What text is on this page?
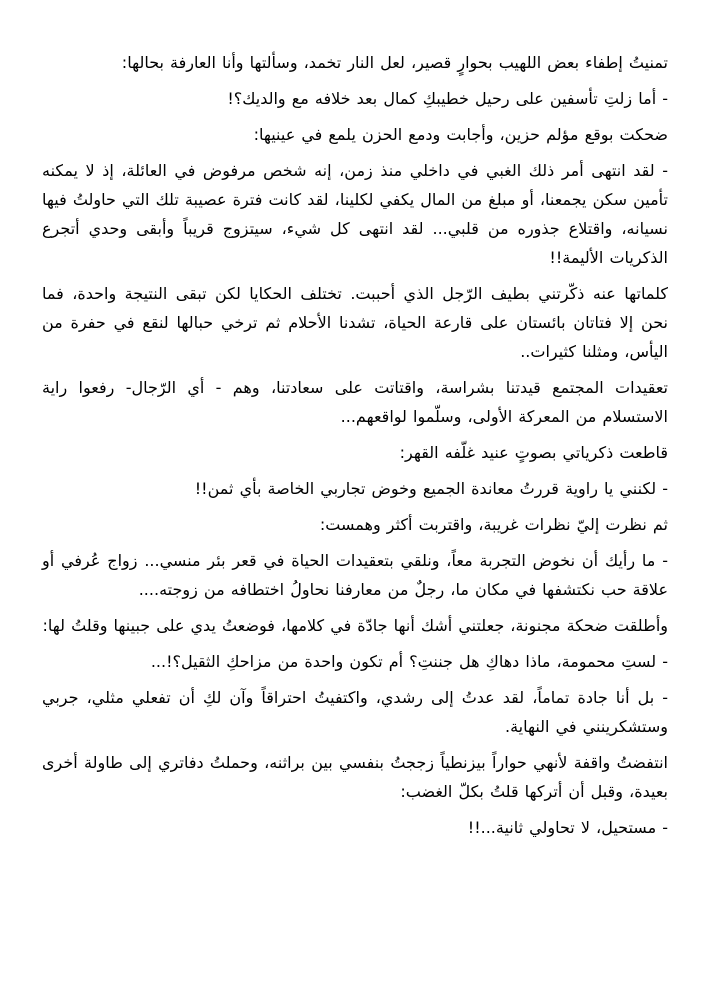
تمنيتُ إطفاء بعض اللهيب بحوارٍ قصير، لعل النار تخمد، وسألتها وأنا العارفة بحالها:

- أما زلتِ تأسفين على رحيل خطيبكِ كمال بعد خلافه مع والديك؟!

ضحكت بوقع مؤلم حزين، وأجابت ودمع الحزن يلمع في عينيها:

- لقد انتهى أمر ذلك الغبي في داخلي منذ زمن، إنه شخص مرفوض في العائلة، إذ لا يمكنه تأمين سكن يجمعنا، أو مبلغ من المال يكفي لكلينا، لقد كانت فترة عصيبة تلك التي حاولتُ فيها نسيانه، واقتلاع جذوره من قلبي... لقد انتهى كل شيء، سيتزوج قريباً وأبقى وحدي أتجرع الذكريات الأليمة!!

كلماتها عنه ذكّرتني بطيف الرّجل الذي أحببت. تختلف الحكايا لكن تبقى النتيجة واحدة، فما نحن إلا فتاتان بائستان على قارعة الحياة، تشدنا الأحلام ثم ترخي حبالها لنقع في حفرة من اليأس، ومثلنا كثيرات..

تعقيدات المجتمع قيدتنا بشراسة، واقتاتت على سعادتنا، وهم - أي الرّجال- رفعوا راية الاستسلام من المعركة الأولى، وسلّموا لواقعهم...

قاطعت ذكرياتي بصوتٍ عنيد غلّفه القهر:

- لكنني يا راوية قررتُ معاندة الجميع وخوض تجاربي الخاصة بأي ثمن!!

ثم نظرت إليّ نظرات غريبة، واقتربت أكثر وهمست:

- ما رأيك أن نخوض التجربة معاً، ونلقي بتعقيدات الحياة في قعر بئر منسي... زواج عُرفي أو علاقة حب نكتشفها في مكان ما، رجلٌ من معارفنا نحاولُ اختطافه من زوجته....

وأطلقت ضحكة مجنونة، جعلتني أشك أنها جادّة في كلامها، فوضعتُ يدي على جبينها وقلتُ لها:

- لستِ محمومة، ماذا دهاكِ هل جننتِ؟ أم تكون واحدة من مزاحكِ الثقيل؟!...

- بل أنا جادة تماماً، لقد عدتُ إلى رشدي، واكتفيتُ احتراقاً وآن لكِ أن تفعلي مثلي، جربي وستشكرينني في النهاية.

انتفضتُ واقفة لأنهي حواراً بيزنطياً زججتُ بنفسي بين براثنه، وحملتُ دفاتري إلى طاولة أخرى بعيدة، وقبل أن أتركها قلتُ بكلّ الغضب:

- مستحيل، لا تحاولي ثانية...!!
